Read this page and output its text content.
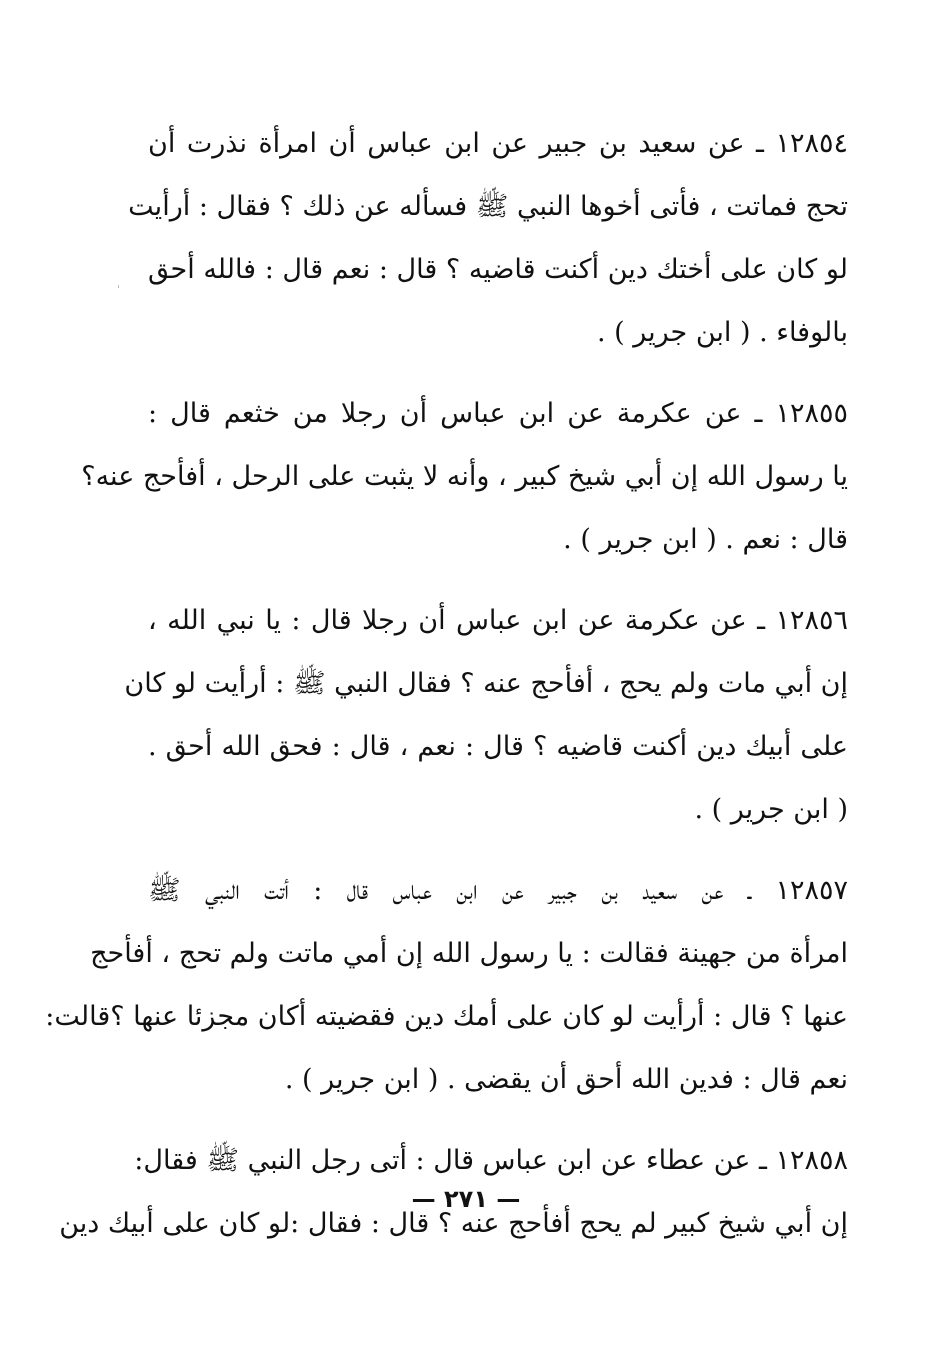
١٢٨٥٤ ـ عن سعيد بن جبير عن ابن عباس أن امرأة نذرت أن
تحج فماتت ، فأتى أخوها النبي ﷺ فسأله عن ذلك ؟ فقال : أرأيت
لو كان على أختك دين أكنت قاضيه ؟ قال : نعم قال : فالله أحق
بالوفاء . ( ابن جرير ) .
١٢٨٥٥ ـ عن عكرمة عن ابن عباس أن رجلا من خثعم قال :
يا رسول الله إن أبي شيخ كبير ، وأنه لا يثبت على الرحل ، أفأحج عنه؟
قال : نعم . ( ابن جرير ) .
١٢٨٥٦ ـ عن عكرمة عن ابن عباس أن رجلا قال : يا نبي الله ،
إن أبي مات ولم يحج ، أفأحج عنه ؟ فقال النبي ﷺ : أرأيت لو كان
على أبيك دين أكنت قاضيه ؟ قال : نعم ، قال : فحق الله أحق .
( ابن جرير ) .
١٢٨٥٧ ـ عن سعيد بن جبير عن ابن عباس قال : أتت النبي ﷺ
امرأة من جهينة فقالت : يا رسول الله إن أمي ماتت ولم تحج ، أفأحج
عنها ؟ قال : أرأيت لو كان على أمك دين فقضيته أكان مجزئا عنها ؟قالت:
نعم قال : فدين الله أحق أن يقضى . ( ابن جرير ) .
١٢٨٥٨ ـ عن عطاء عن ابن عباس قال : أتى رجل النبي ﷺ فقال:
إن أبي شيخ كبير لم يحج أفأحج عنه ؟ قال : فقال :لو كان على أبيك دين
— ٢٧١ —
